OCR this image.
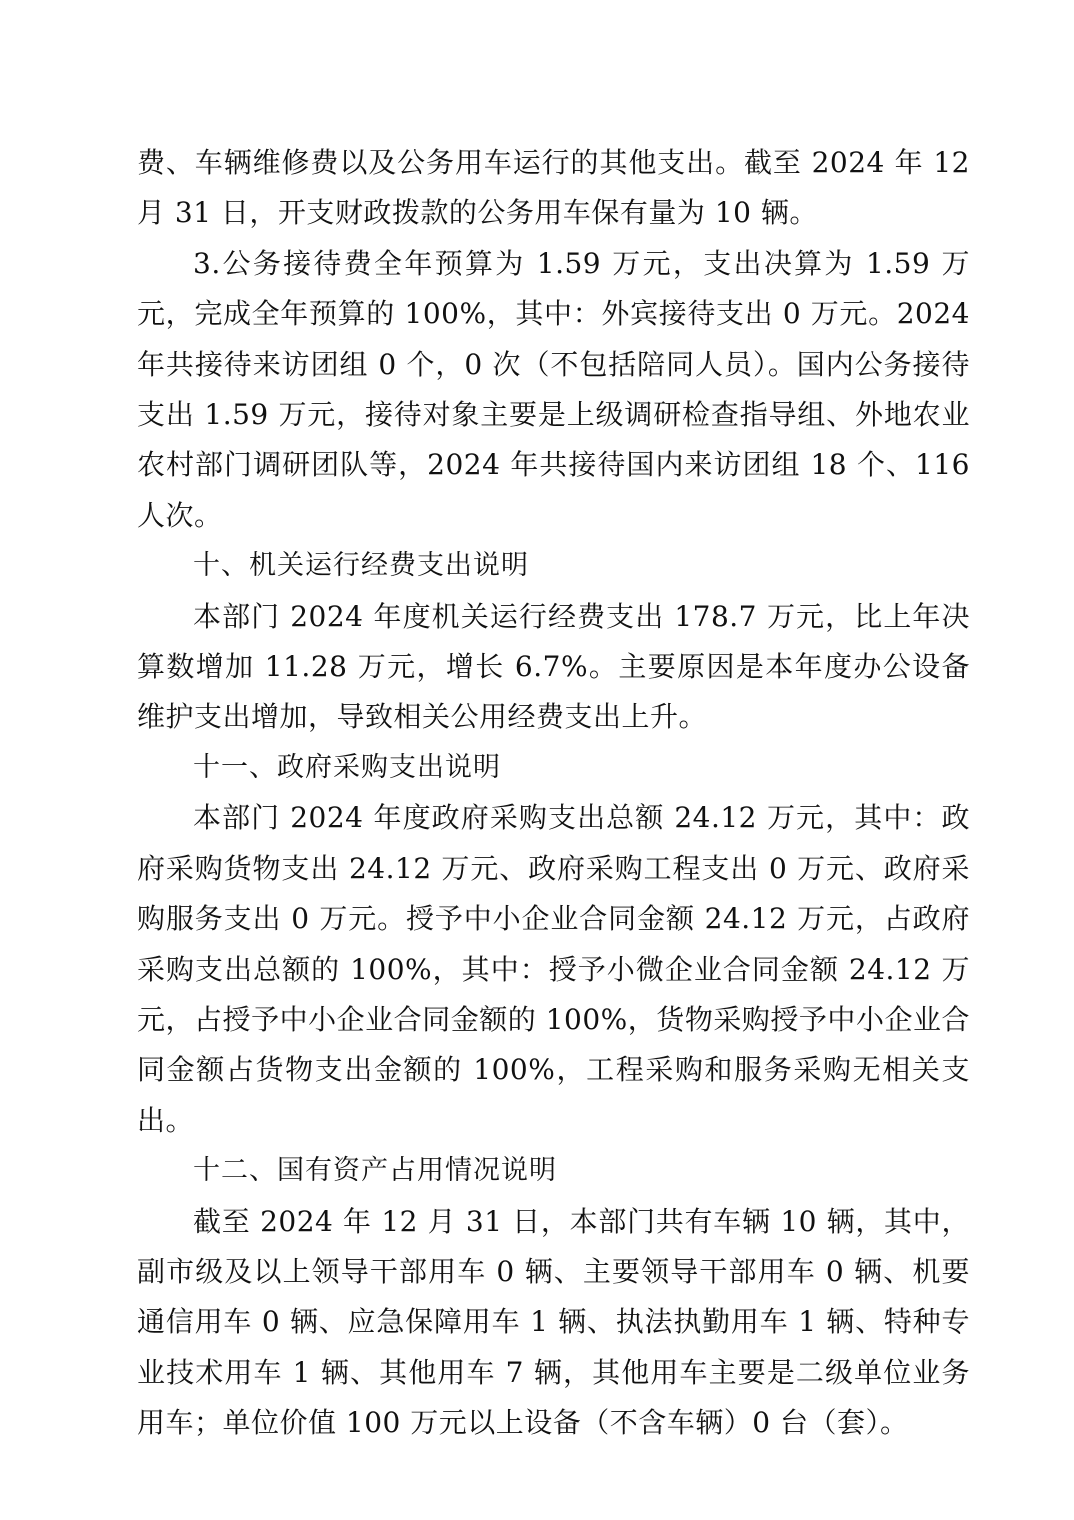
费、车辆维修费以及公务用车运行的其他支出。截至 2024 年 12 月 31 日，开支财政拨款的公务用车保有量为 10 辆。

3.公务接待费全年预算为 1.59 万元，支出决算为 1.59 万元，完成全年预算的 100%，其中：外宾接待支出 0 万元。2024 年共接待来访团组 0 个，0 次（不包括陪同人员）。国内公务接待支出 1.59 万元，接待对象主要是上级调研检查指导组、外地农业农村部门调研团队等，2024 年共接待国内来访团组 18 个、116 人次。

十、机关运行经费支出说明

本部门 2024 年度机关运行经费支出 178.7 万元，比上年决算数增加 11.28 万元，增长 6.7%。主要原因是本年度办公设备维护支出增加，导致相关公用经费支出上升。

十一、政府采购支出说明

本部门 2024 年度政府采购支出总额 24.12 万元，其中：政府采购货物支出 24.12 万元、政府采购工程支出 0 万元、政府采购服务支出 0 万元。授予中小企业合同金额 24.12 万元，占政府采购支出总额的 100%，其中：授予小微企业合同金额 24.12 万元，占授予中小企业合同金额的 100%，货物采购授予中小企业合同金额占货物支出金额的 100%，工程采购和服务采购无相关支出。

十二、国有资产占用情况说明

截至 2024 年 12 月 31 日，本部门共有车辆 10 辆，其中，副市级及以上领导干部用车 0 辆、主要领导干部用车 0 辆、机要通信用车 0 辆、应急保障用车 1 辆、执法执勤用车 1 辆、特种专业技术用车 1 辆、其他用车 7 辆，其他用车主要是二级单位业务用车；单位价值 100 万元以上设备（不含车辆）0 台（套）。
